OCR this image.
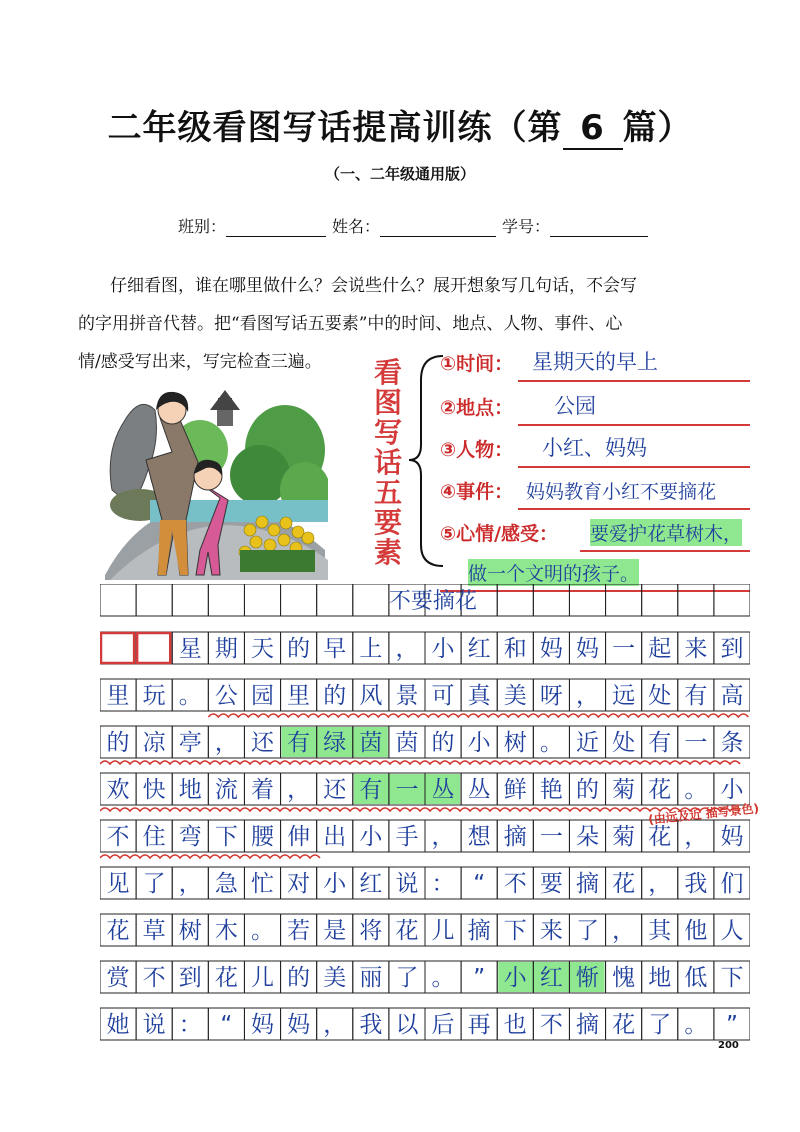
二年级看图写话提高训练（第 6 篇）
（一、二年级通用版）
班别：	姓名：	学号：
仔细看图，谁在哪里做什么？会说些什么？展开想象写几句话，不会写
的字用拼音代替。把“看图写话五要素”中的时间、地点、人物、事件、心
情/感受写出来，写完检查三遍。	看
图
写
话
五
要
素
①时间： 星期天的早上
②地点： 公园
③人物： 小红、妈妈
④事件： 妈妈教育小红不要摘花
⑤心情/感受： 要爱护花草树木，
做一个文明的孩子。
不要摘花
星 期 天 的 早 上 ， 小 红 和 妈 妈 一 起 来 到
里 玩 。 公 园 里 的 风 景 可 真 美 呀 ， 远 处 有 高
的 凉 亭 ， 还 有 绿 茵 茵 的 小 树 。 近 处 有 一 条
欢 快 地 流 着 ， 还 有 一 丛 丛 鲜 艳 的 菊 花 。 小
不 住 弯 下 腰 伸 出 小 手 ， 想 摘 一 朵 菊 花 ， 妈
见 了 ， 急 忙 对 小 红 说 ： “ 不 要 摘 花 ， 我 们
花 草 树 木 。 若 是 将 花 儿 摘 下 来 了 ， 其 他 人
赏 不 到 花 儿 的 美 丽 了 。 ” 小 红 惭 愧 地 低 下
她 说 ： “ 妈 妈 ， 我 以 后 再 也 不 摘 花 了 。 ”
(由远及近 描写景色)
200
